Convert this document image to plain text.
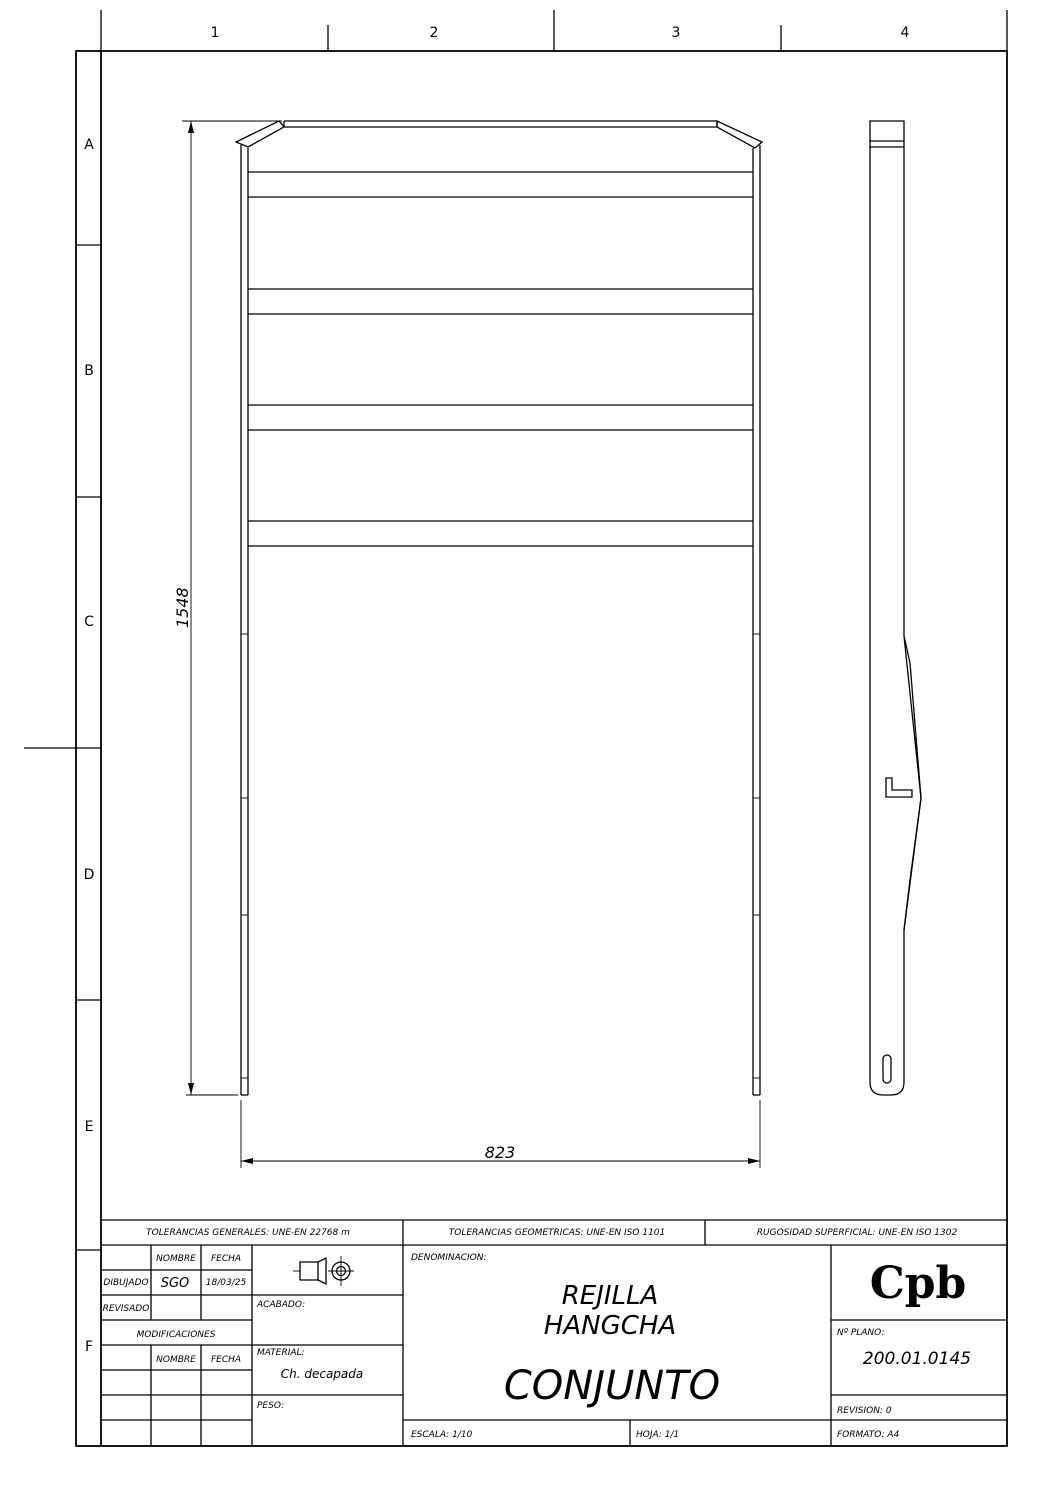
1	2	3	4
A
B
C
D
E
F
1548
823
TOLERANCIAS GENERALES: UNE-EN 22768 m	TOLERANCIAS GEOMETRICAS: UNE-EN ISO 1101	RUGOSIDAD SUPERFICIAL: UNE-EN ISO 1302
NOMBRE FECHA
DIBUJADO SGO 18/03/25
REVISADO
MODIFICACIONES
NOMBRE FECHA
ACABADO:
MATERIAL:
Ch. decapada
PESO:
DENOMINACION:
REJILLA
HANGCHA
CONJUNTO
Cpb
Nº PLANO:
200.01.0145
REVISION: 0
ESCALA: 1/10	HOJA: 1/1	FORMATO: A4
